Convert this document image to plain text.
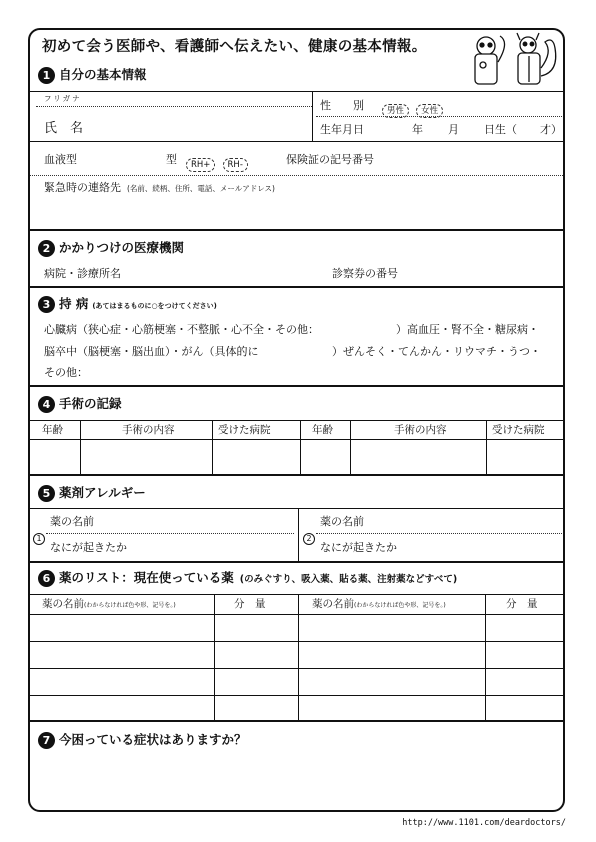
初めて会う医師や、看護師へ伝えたい、健康の基本情報。
1 自分の基本情報
フリガナ
性　　別	男性 女性
氏　名	生年月日	年 月 日生（ 才）
血液型	型	RH+ RH-	保険証の記号番号
緊急時の連絡先 (名前、続柄、住所、電話、メールアドレス)
2 かかりつけの医療機関
病院・診療所名	診察券の番号
3 持 病 (あてはまるものに○をつけてください)
心臓病（狭心症・心筋梗塞・不整脈・心不全・その他：	）高血圧・腎不全・糖尿病・
脳卒中（脳梗塞・脳出血）・がん（具体的に	）ぜんそく・てんかん・リウマチ・うつ・
その他：
4 手術の記録
年齢	手術の内容	受けた病院	年齢	手術の内容	受けた病院
5 薬剤アレルギー
1
薬の名前
なにが起きたか
2
薬の名前
なにが起きたか
6 薬のリスト：現在使っている薬 (のみぐすり、吸入薬、貼る薬、注射薬などすべて)
薬の名前(わからなければ色や形、記号を。)	分　量	薬の名前(わからなければ色や形、記号を。)	分　量
7 今困っている症状はありますか？
http://www.1101.com/deardoctors/
